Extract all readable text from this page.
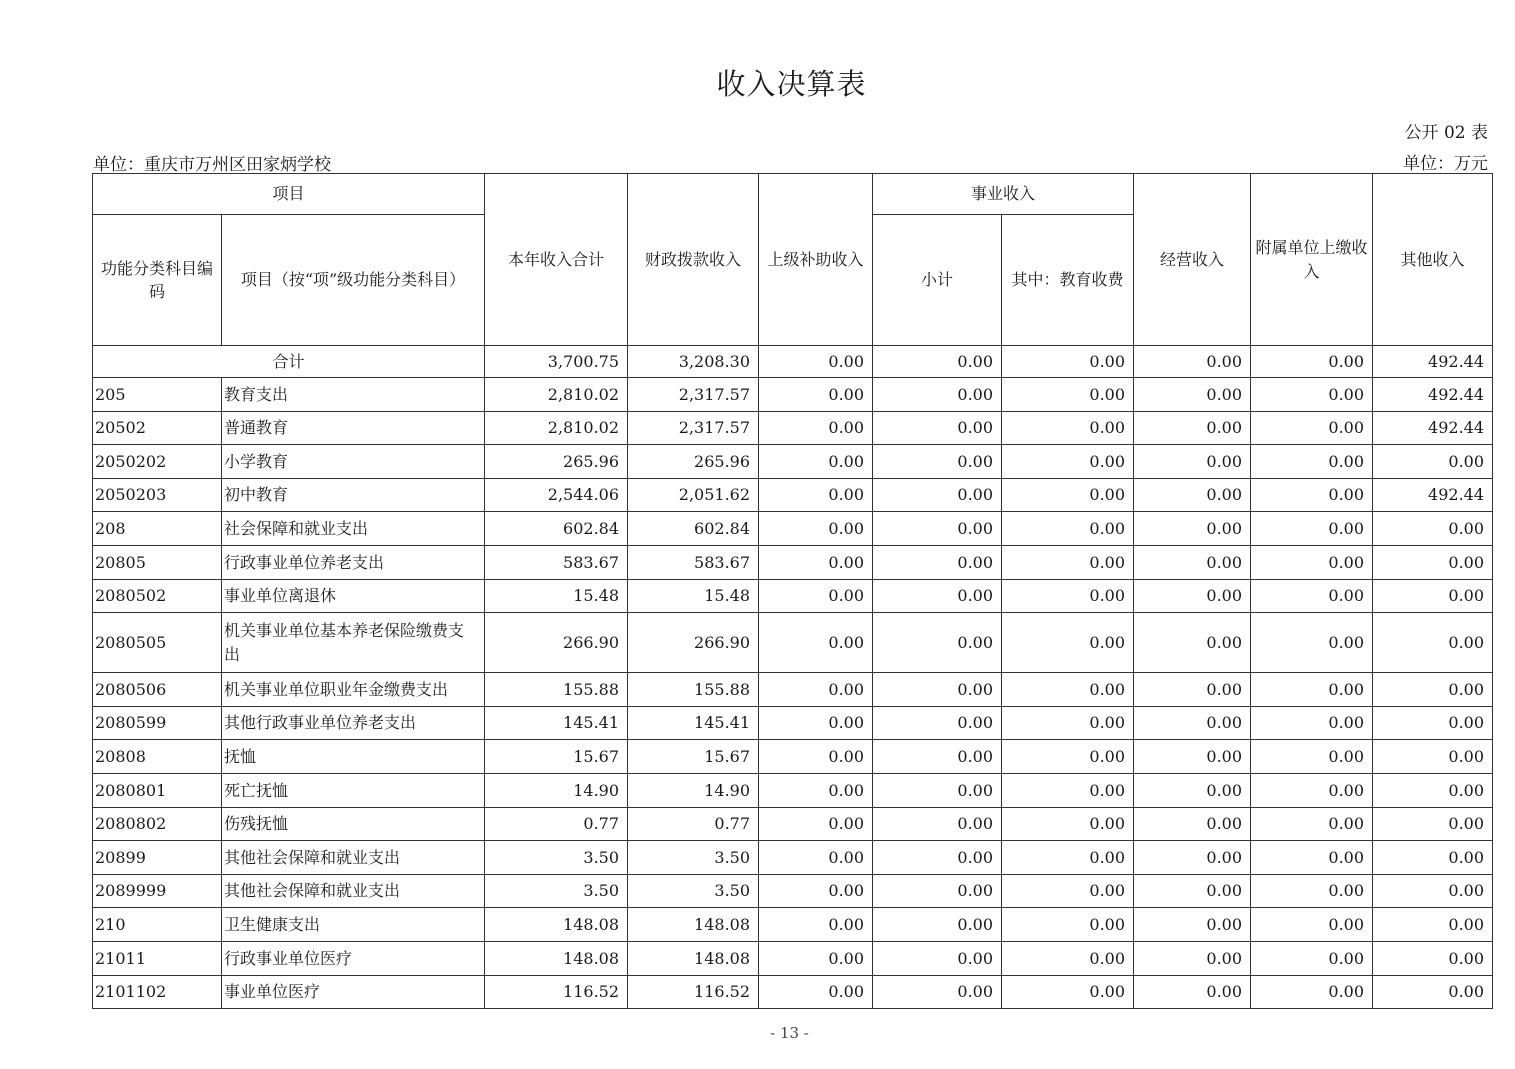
收入决算表
公开 02 表
单位：重庆市万州区田家炳学校	单位：万元
项目		本年收入合计	财政拨款收入	上级补助收入	事业收入		经营收入	附属单位上缴收入	其他收入
功能分类科目编码	项目（按“项”级功能分类科目）				小计	其中：教育收费			
合计		3,700.75	3,208.30	0.00	0.00	0.00	0.00	0.00	492.44
205	教育支出	2,810.02	2,317.57	0.00	0.00	0.00	0.00	0.00	492.44
20502	普通教育	2,810.02	2,317.57	0.00	0.00	0.00	0.00	0.00	492.44
2050202	小学教育	265.96	265.96	0.00	0.00	0.00	0.00	0.00	0.00
2050203	初中教育	2,544.06	2,051.62	0.00	0.00	0.00	0.00	0.00	492.44
208	社会保障和就业支出	602.84	602.84	0.00	0.00	0.00	0.00	0.00	0.00
20805	行政事业单位养老支出	583.67	583.67	0.00	0.00	0.00	0.00	0.00	0.00
2080502	事业单位离退休	15.48	15.48	0.00	0.00	0.00	0.00	0.00	0.00
2080505	机关事业单位基本养老保险缴费支出	266.90	266.90	0.00	0.00	0.00	0.00	0.00	0.00
2080506	机关事业单位职业年金缴费支出	155.88	155.88	0.00	0.00	0.00	0.00	0.00	0.00
2080599	其他行政事业单位养老支出	145.41	145.41	0.00	0.00	0.00	0.00	0.00	0.00
20808	抚恤	15.67	15.67	0.00	0.00	0.00	0.00	0.00	0.00
2080801	死亡抚恤	14.90	14.90	0.00	0.00	0.00	0.00	0.00	0.00
2080802	伤残抚恤	0.77	0.77	0.00	0.00	0.00	0.00	0.00	0.00
20899	其他社会保障和就业支出	3.50	3.50	0.00	0.00	0.00	0.00	0.00	0.00
2089999	其他社会保障和就业支出	3.50	3.50	0.00	0.00	0.00	0.00	0.00	0.00
210	卫生健康支出	148.08	148.08	0.00	0.00	0.00	0.00	0.00	0.00
21011	行政事业单位医疗	148.08	148.08	0.00	0.00	0.00	0.00	0.00	0.00
2101102	事业单位医疗	116.52	116.52	0.00	0.00	0.00	0.00	0.00	0.00
- 13 -
